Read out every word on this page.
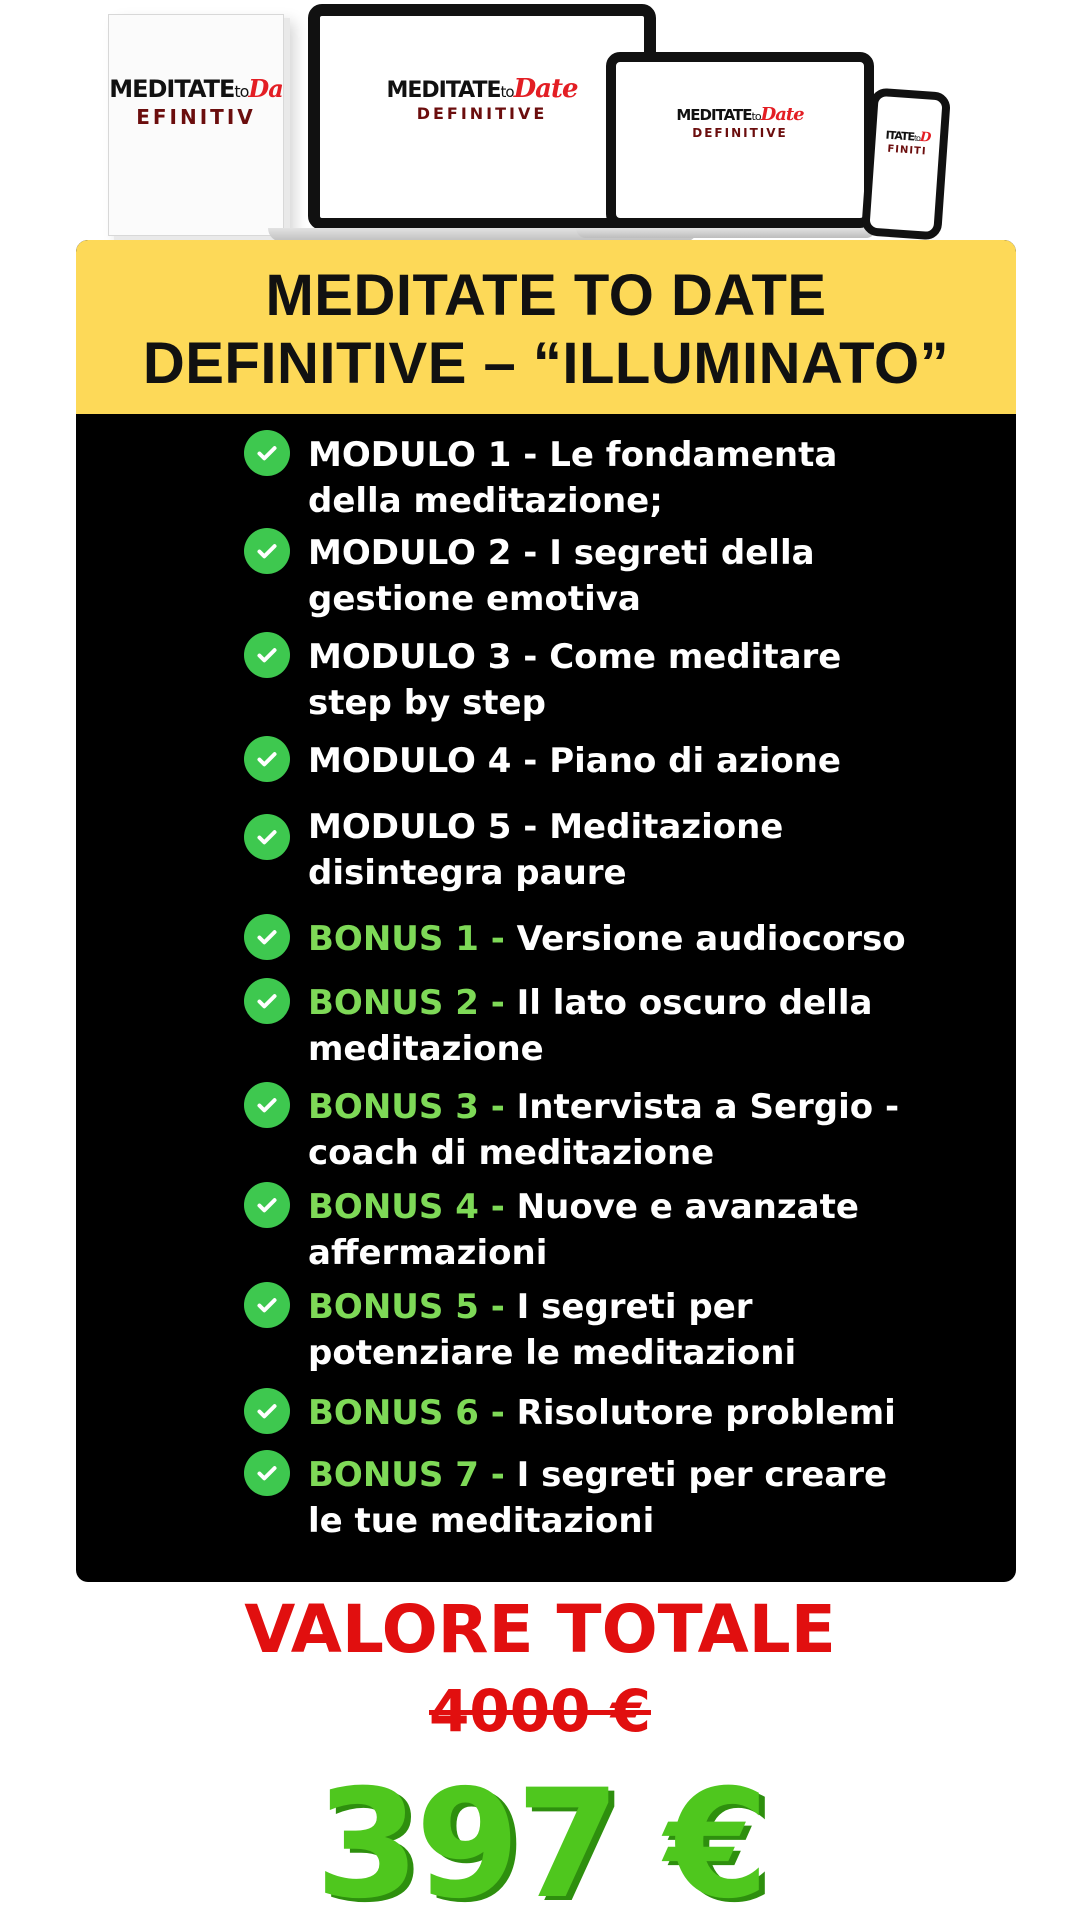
MEDITATEtoDa
EFINITIV
MEDITATEtoDate
DEFINITIVE	MEDITATEtoDate
DEFINITIVE	ITATEtoD
FINITI
MEDITATE TO DATE
DEFINITIVE – “ILLUMINATO”
MODULO 1 - Le fondamenta della meditazione;
MODULO 2 - I segreti della gestione emotiva
MODULO 3 - Come meditare step by step
MODULO 4 - Piano di azione
MODULO 5 - Meditazione disintegra paure
BONUS 1 - Versione audiocorso
BONUS 2 - Il lato oscuro della meditazione
BONUS 3 - Intervista a Sergio - coach di meditazione
BONUS 4 - Nuove e avanzate affermazioni
BONUS 5 - I segreti per potenziare le meditazioni
BONUS 6 - Risolutore problemi
BONUS 7 - I segreti per creare le tue meditazioni
VALORE TOTALE
4000 €
397 €
